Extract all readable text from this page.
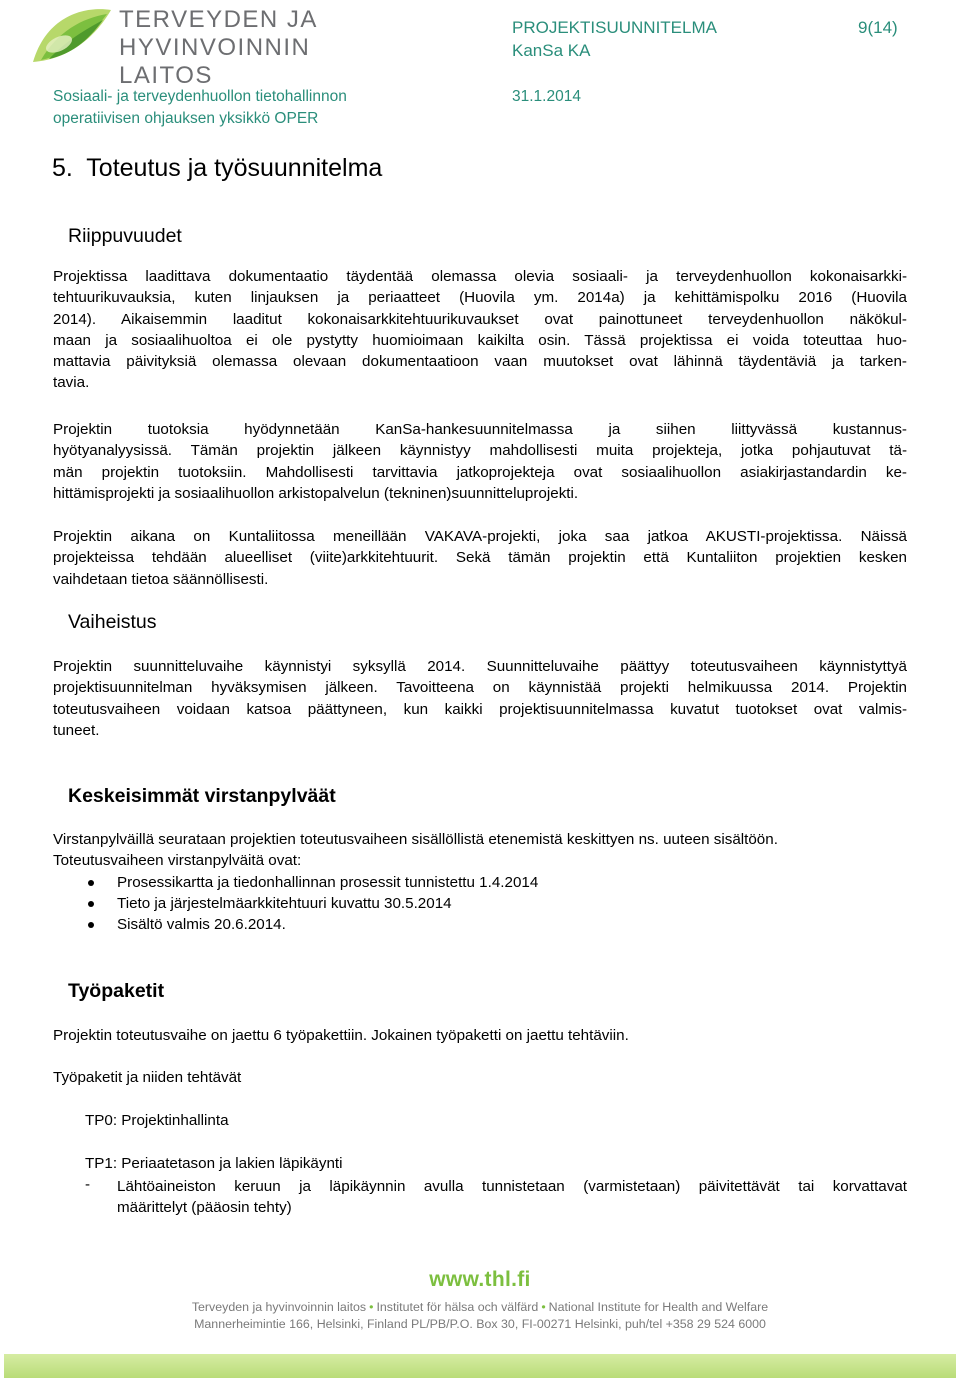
TERVEYDEN JA
HYVINVOINNIN LAITOS
PROJEKTISUUNNITELMA	9(14)
KanSa KA
Sosiaali- ja terveydenhuollon tietohallinnon
operatiivisen ohjauksen yksikkö OPER
31.1.2014
5.  Toteutus ja työsuunnitelma
Riippuvuudet
Projektissa laadittava dokumentaatio täydentää olemassa olevia sosiaali- ja terveydenhuollon kokonaisarkki-
tehtuurikuvauksia, kuten linjauksen ja periaatteet (Huovila ym. 2014a) ja kehittämispolku 2016 (Huovila
2014). Aikaisemmin laaditut kokonaisarkkitehtuurikuvaukset ovat painottuneet terveydenhuollon näkökul-
maan ja sosiaalihuoltoa ei ole pystytty huomioimaan kaikilta osin. Tässä projektissa ei voida toteuttaa huo-
mattavia päivityksiä olemassa olevaan dokumentaatioon vaan muutokset ovat lähinnä täydentäviä ja tarken-
tavia.
Projektin tuotoksia hyödynnetään KanSa-hankesuunnitelmassa ja siihen liittyvässä kustannus-
hyötyanalyysissä. Tämän projektin jälkeen käynnistyy mahdollisesti muita projekteja, jotka pohjautuvat tä-
män projektin tuotoksiin. Mahdollisesti tarvittavia jatkoprojekteja ovat sosiaalihuollon asiakirjastandardin ke-
hittämisprojekti ja sosiaalihuollon arkistopalvelun (tekninen)suunnitteluprojekti.
Projektin aikana on Kuntaliitossa meneillään VAKAVA-projekti, joka saa jatkoa AKUSTI-projektissa. Näissä
projekteissa tehdään alueelliset (viite)arkkitehtuurit. Sekä tämän projektin että Kuntaliiton projektien kesken
vaihdetaan tietoa säännöllisesti.
Vaiheistus
Projektin suunnitteluvaihe käynnistyi syksyllä 2014. Suunnitteluvaihe päättyy toteutusvaiheen käynnistyttyä
projektisuunnitelman hyväksymisen jälkeen. Tavoitteena on käynnistää projekti helmikuussa 2014. Projektin
toteutusvaiheen voidaan katsoa päättyneen, kun kaikki projektisuunnitelmassa kuvatut tuotokset ovat valmis-
tuneet.
Keskeisimmät virstanpylväät
Virstanpylväillä seurataan projektien toteutusvaiheen sisällöllistä etenemistä keskittyen ns. uuteen sisältöön.
Toteutusvaiheen virstanpylväitä ovat:
Prosessikartta ja tiedonhallinnan prosessit tunnistettu 1.4.2014
Tieto ja järjestelmäarkkitehtuuri kuvattu 30.5.2014
Sisältö valmis 20.6.2014.
Työpaketit
Projektin toteutusvaihe on jaettu 6 työpakettiin. Jokainen työpaketti on jaettu tehtäviin.
Työpaketit ja niiden tehtävät
TP0: Projektinhallinta
TP1: Periaatetason ja lakien läpikäynti
- Lähtöaineiston keruun ja läpikäynnin avulla tunnistetaan (varmistetaan) päivitettävät tai korvattavat
määrittelyt (pääosin tehty)
www.thl.fi
Terveyden ja hyvinvoinnin laitos • Institutet för hälsa och välfärd • National Institute for Health and Welfare
Mannerheimintie 166, Helsinki, Finland PL/PB/P.O. Box 30, FI-00271 Helsinki, puh/tel +358 29 524 6000
